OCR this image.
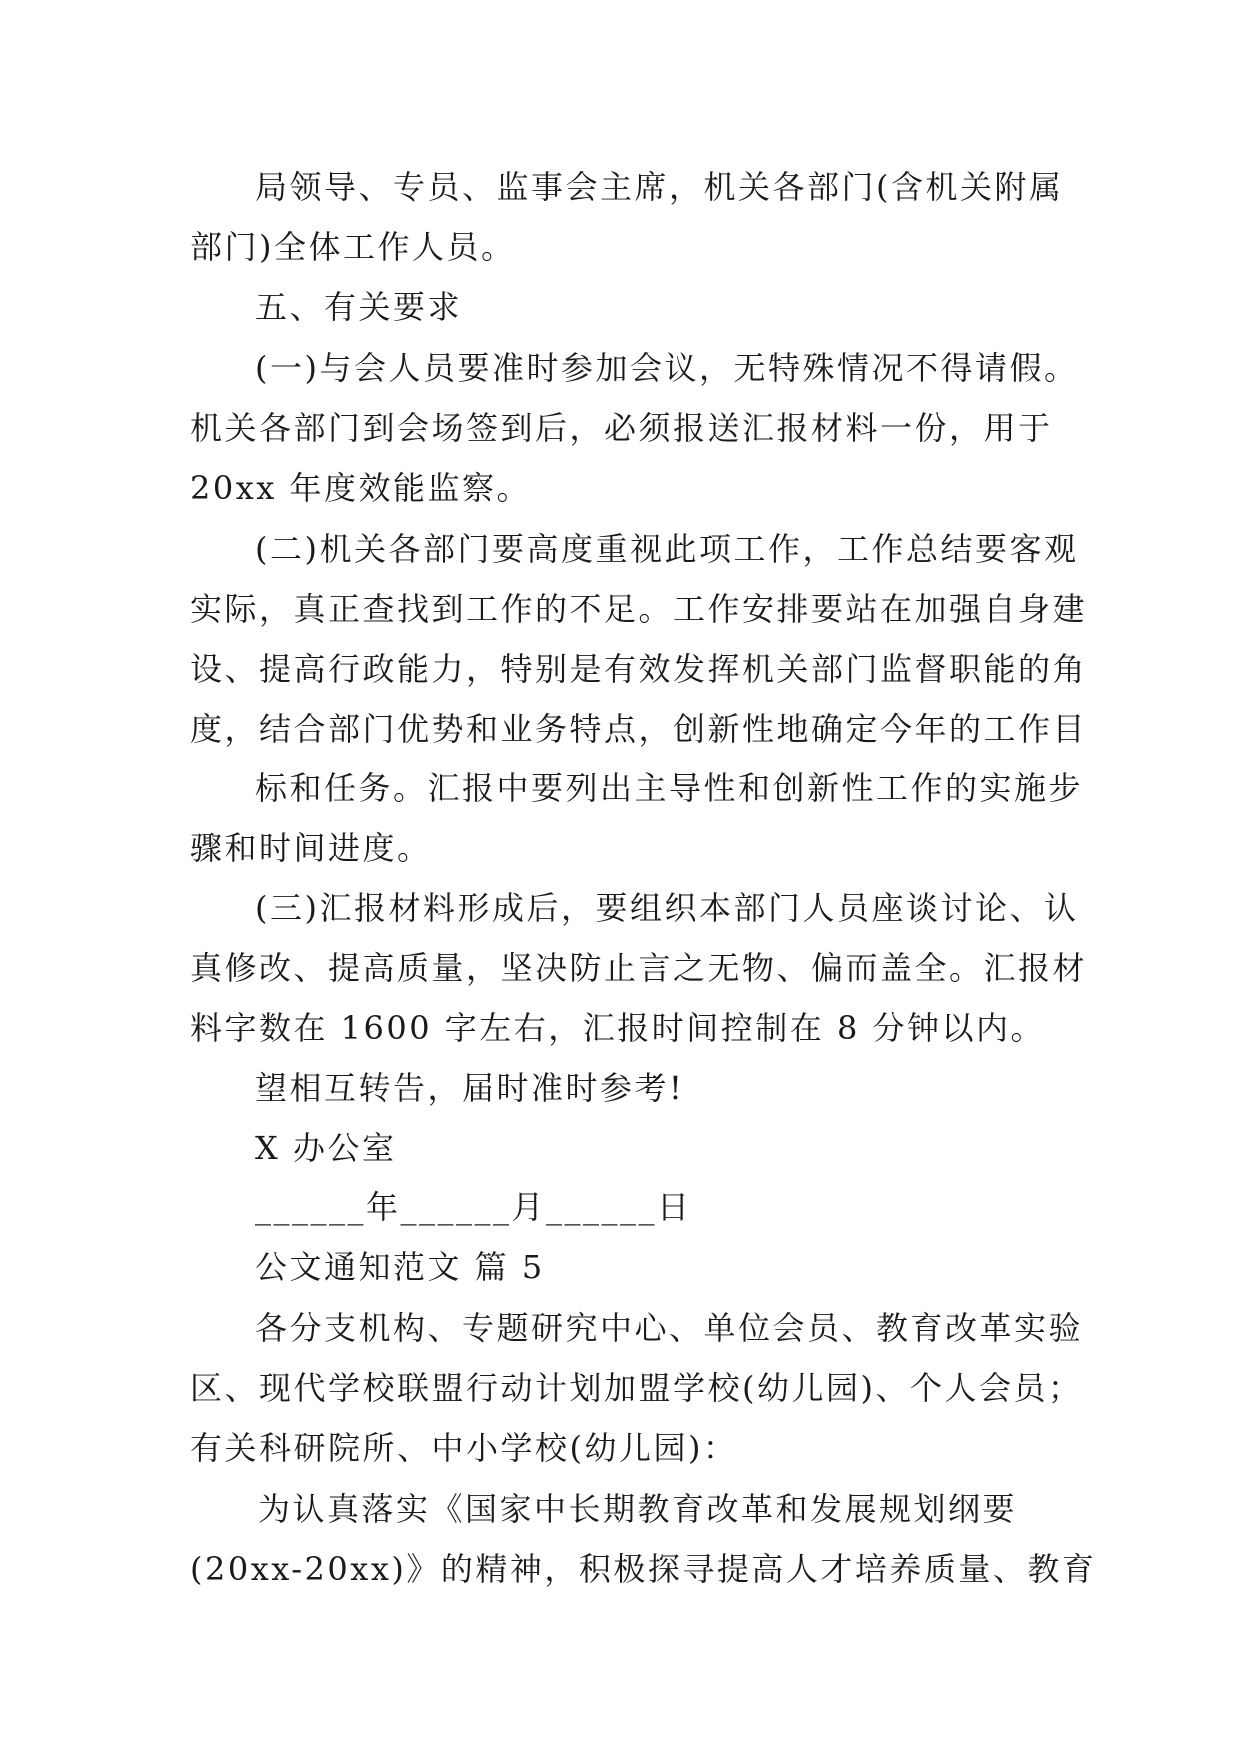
局领导、专员、监事会主席，机关各部门(含机关附属
部门)全体工作人员。
五、有关要求
(一)与会人员要准时参加会议，无特殊情况不得请假。
机关各部门到会场签到后，必须报送汇报材料一份，用于
20xx 年度效能监察。
(二)机关各部门要高度重视此项工作，工作总结要客观
实际，真正查找到工作的不足。工作安排要站在加强自身建
设、提高行政能力，特别是有效发挥机关部门监督职能的角
度，结合部门优势和业务特点，创新性地确定今年的工作目
标和任务。汇报中要列出主导性和创新性工作的实施步
骤和时间进度。
(三)汇报材料形成后，要组织本部门人员座谈讨论、认
真修改、提高质量，坚决防止言之无物、偏而盖全。汇报材
料字数在 1600 字左右，汇报时间控制在 8 分钟以内。
望相互转告，届时准时参考!
X 办公室
______年______月______日
公文通知范文 篇 5
各分支机构、专题研究中心、单位会员、教育改革实验
区、现代学校联盟行动计划加盟学校(幼儿园)、个人会员；
有关科研院所、中小学校(幼儿园)：
为认真落实《国家中长期教育改革和发展规划纲要
(20xx-20xx)》的精神，积极探寻提高人才培养质量、教育
